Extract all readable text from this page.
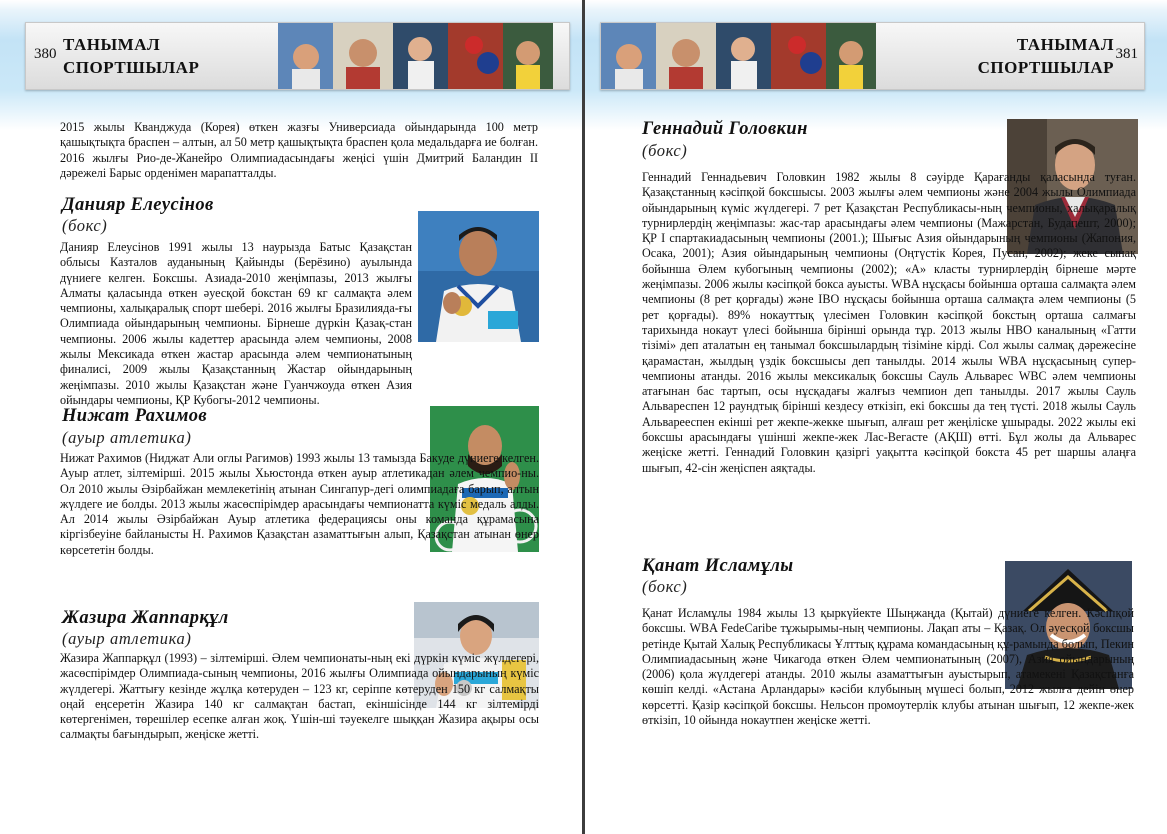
380 ТАНЫМАЛ
СПОРТШЫЛАР
2015 жылы Кванджуда (Корея) өткен жазғы Универсиада ойындарында 100 метр қашықтықта браспен – алтын, ал 50 метр қашықтықта браспен қола медальдарға ие болған. 2016 жылғы Рио-де-Жанейро Олимпиадасындағы жеңісі үшін Дмитрий Баландин II дәрежелі Барыс орденімен марапатталды.
Данияр Елеусінов
(бокс)
Данияр Елеусінов 1991 жылы 13 наурызда Батыс Қазақстан облысы Казталов ауданының Қайынды (Берёзино) ауылында дүниеге келген. Боксшы. Азиада-2010 жеңімпазы, 2013 жылғы Алматы қаласында өткен әуесқой бокстан 69 кг салмақта әлем чемпионы, халықаралық спорт шебері. 2016 жылғы Бразилияда-ғы Олимпиада ойындарының чемпионы. Бірнеше дүркін Қазақ-стан чемпионы. 2006 жылы кадеттер арасында әлем чемпионы, 2008 жылы Мексикада өткен жастар арасында әлем чемпионатының финалисі, 2009 жылы Қазақстанның Жастар ойындарының жеңімпазы. 2010 жылы Қазақстан және Гуанчжоуда өткен Азия ойындары чемпионы, ҚР Кубогы-2012 чемпионы.
Нижат Рахимов
(ауыр атлетика)
Нижат Рахимов (Ниджат Али оглы Рагимов) 1993 жылы 13 тамызда Бакуде дүниеге келген. Ауыр атлет, зілтемірші. 2015 жылы Хьюстонда өткен ауыр атлетикадан әлем чемпио-ны. Ол 2010 жылы Әзірбайжан мемлекетінің атынан Сингапур-дегі олимпиадаға барып, алтын жүлдеге ие болды. 2013 жылы жасөспірімдер арасындағы чемпионатта күміс медаль алды. Ал 2014 жылы Әзірбайжан Ауыр атлетика федерациясы оны команда құрамасына кіргізбеуіне байланысты Н. Рахимов Қазақстан азаматтығын алып, Қазақстан атынан өнер көрсететін болды.
Жазира Жаппарқұл
(ауыр атлетика)
Жазира Жаппарқұл (1993) – зілтемірші. Әлем чемпионаты-ның екі дүркін күміс жүлдегері, жасөспірімдер Олимпиада-сының чемпионы, 2016 жылғы Олимпиада ойындарының күміс жүлдегері. Жаттығу кезінде жұлқа көтеруден – 123 кг, серіппе көтеруден 150 кг салмақты оңай еңсеретін Жазира 140 кг салмақтан бастап, екіншісінде 144 кг зілтемірді көтергенімен, төрешілер есепке алған жоқ. Үшін-ші тәуекелге шыққан Жазира ақыры осы салмақты бағындырып, жеңіске жетті.
ТАНЫМАЛ
СПОРТШЫЛАР
381
Геннадий Головкин
(бокс)
Геннадий Геннадьевич Головкин 1982 жылы 8 сәуірде Қарағанды қаласында туған. Қазақстанның кәсіпқой боксшысы. 2003 жылғы әлем чемпионы және 2004 жылы Олимпиада ойындарының күміс жүлдегері. 7 рет Қазақстан Республикасы-ның чемпионы, халықаралық турнирлердің жеңімпазы: жас-тар арасындағы әлем чемпионы (Мажарстан, Будапешт, 2000); ҚР I спартакиадасының чемпионы (2001.); Шығыс Азия ойындарының чемпионы (Жапония, Осака, 2001); Азия ойындарының чемпионы (Оңтүстік Корея, Пусан, 2002); жеке сынақ бойынша Әлем кубогының чемпионы (2002); «А» класты турнирлердің бірнеше мәрте жеңімпазы. 2006 жылы кәсіпқой бокса ауысты. WBA нұсқасы бойынша орташа салмақта әлем чемпионы (8 рет қорғады) және IBO нұсқасы бойынша орташа салмақта әлем чемпионы (5 рет қорғады). 89% нокауттық үлесімен Головкин кәсіпқой бокстың орташа салмағы тарихында нокаут үлесі бойынша бірінші орында тұр. 2013 жылы HBO каналының «Гатти тізімі» деп аталатын ең танымал боксшылардың тізіміне кірді. Сол жылы салмақ дәрежесіне қарамастан, жылдың үздік боксшысы деп танылды. 2014 жылы WBA нұсқасының супер-чемпионы атанды. 2016 жылы мексикалық боксшы Сауль Альварес WBC әлем чемпионы атағынан бас тартып, осы нұсқадағы жалғыз чемпион деп танылды. 2017 жылы Сауль Альвареспен 12 раундтық бірінші кездесу өткізіп, екі боксшы да тең түсті. 2018 жылы Сауль Альварееспен екінші рет жекпе-жекке шығып, алғаш рет жеңіліске ұшырады. 2022 жылы екі боксшы арасындағы үшінші жекпе-жек Лас-Вегасте (АҚШ) өтті. Бұл жолы да Альварес жеңіске жетті. Геннадий Головкин қазіргі уақытта кәсіпқой бокста 45 рет шаршы алаңға шығып, 42-сін жеңіспен аяқтады.
Қанат Исламұлы
(бокс)
Қанат Исламұлы 1984 жылы 13 қыркүйекте Шыңжаңда (Қытай) дүниеге келген. Кәсіпқой боксшы. WBA FedeCaribe тұжырымы-ның чемпионы. Лақап аты – Қазақ. Ол әуесқой боксшы ретінде Қытай Халық Республикасы Ұлттық құрама командасының құ-рамында болып, Пекин Олимпиадасының және Чикагода өткен Әлем чемпионатының (2007), Азия ойындарының (2006) қола жүлдегері атанды. 2010 жылы азаматтығын ауыстырып, атамекені Қазақстанға көшіп келді. «Астана Арландары» кәсіби клубының мүшесі болып, 2012 жылға дейін өнер көрсетті. Қазір кәсіпқой боксшы. Нельсон промоутерлік клубы атынан шығып, 12 жекпе-жек өткізіп, 10 ойында нокаутпен жеңіске жетті.
